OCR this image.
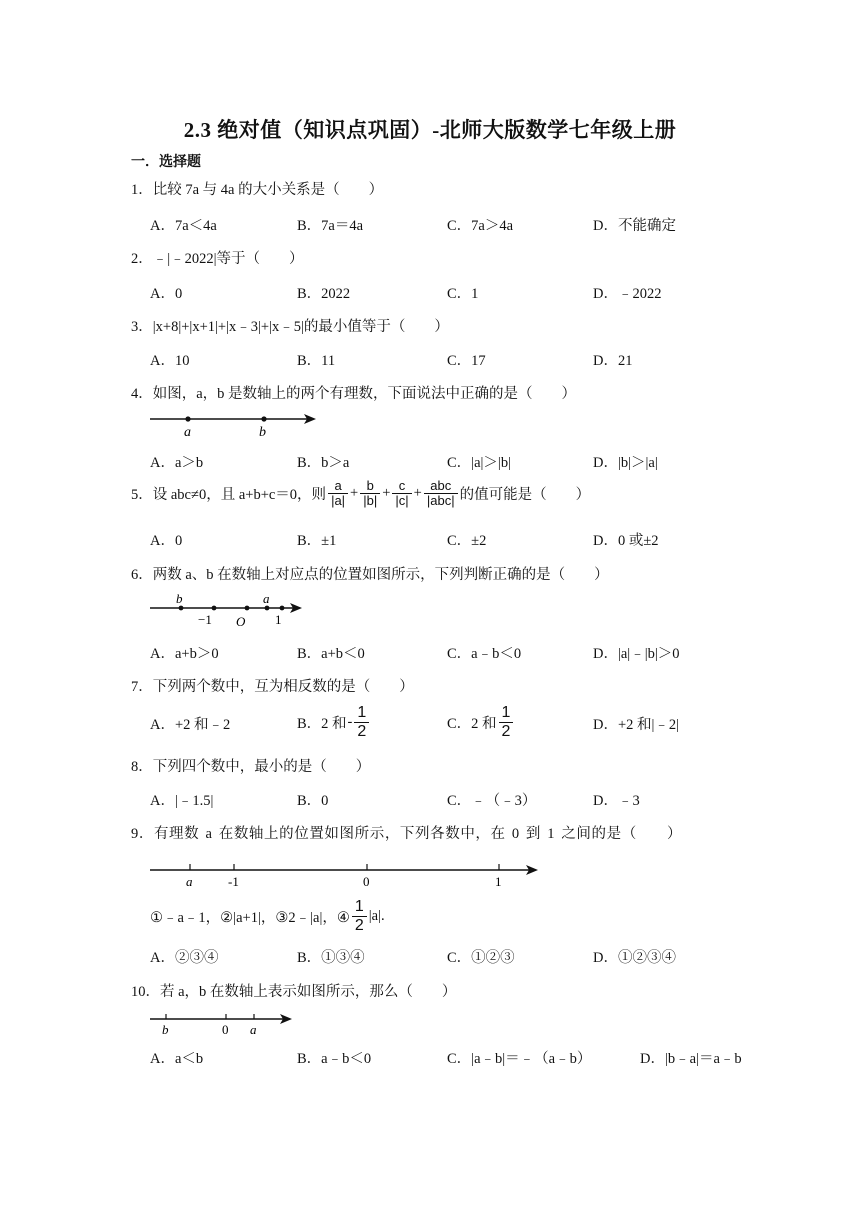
2.3 绝对值（知识点巩固）-北师大版数学七年级上册
一．选择题
1．比较 7a 与 4a 的大小关系是（　　）
A．7a＜4a	B．7a＝4a	C．7a＞4a	D．不能确定
2．﹣|﹣2022|等于（　　）
A．0	B．2022	C．1	D．﹣2022
3．|x+8|+|x+1|+|x﹣3|+|x﹣5|的最小值等于（　　）
A．10	B．11	C．17	D．21
4．如图，a，b 是数轴上的两个有理数，下面说法中正确的是（　　）
a	b
A．a＞b	B．b＞a	C．|a|＞|b|	D．|b|＞|a|
5．设 abc≠0，且 a+b+c＝0，则 $\frac{a}{|a|} + \frac{b}{|b|} + \frac{c}{|c|} + \frac{\text{abc}}{\text{|abc|}}$ 的值可能是（　　）
A．0	B．±1	C．±2	D．0 或±2
6．两数 a、b 在数轴上对应点的位置如图所示，下列判断正确的是（　　）
b
−1 O
a
1
A．a+b＞0	B．a+b＜0	C．a﹣b＜0	D．|a|﹣|b|＞0
7．下列两个数中，互为相反数的是（　　）
A．+2 和﹣2	B．2 和 - $\frac{1}{2}$	C．2 和 $\frac{1}{2}$	D．+2 和|﹣2|
8．下列四个数中，最小的是（　　）
A．|﹣1.5|	B．0	C．﹣（﹣3）	D．﹣3
9．有理数 a 在数轴上的位置如图所示，下列各数中，在 0 到 1 之间的是（　　）
a	-1	0	1
①﹣a﹣1，②|a+1|，③2﹣|a|，④ $\frac{1}{2} |a|$.
A．②③④	B．①③④	C．①②③	D．①②③④
10．若 a，b 在数轴上表示如图所示，那么（　　）
b	0 a
A．a＜b	B．a﹣b＜0	C．|a﹣b|＝﹣（a﹣b）	D．|b﹣a|＝a﹣b
